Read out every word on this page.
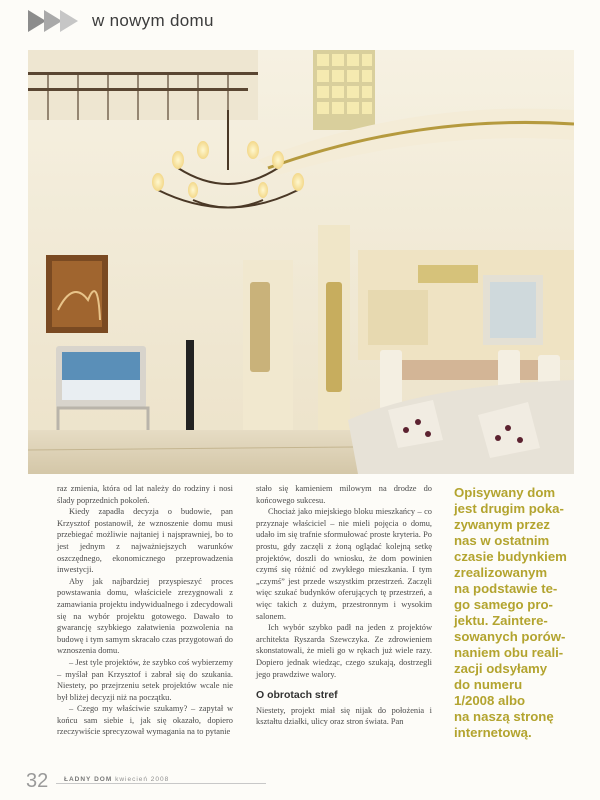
w nowym domu

raz zmienia, która od lat należy do rodziny i nosi ślady poprzednich pokoleń.

Kiedy zapadła decyzja o budowie, pan Krzysztof postanowił, że wznoszenie domu musi przebiegać możliwie najtaniej i najsprawniej, bo to jest jednym z najważniejszych warunków oszczędnego, ekonomicznego przeprowadzenia inwestycji.

Aby jak najbardziej przyspieszyć proces powstawania domu, właściciele zrezygnowali z zamawiania projektu indywidualnego i zdecydowali się na wybór projektu gotowego. Dawało to gwarancję szybkiego załatwienia pozwolenia na budowę i tym samym skracało czas przygotowań do wznoszenia domu.

– Jest tyle projektów, że szybko coś wybierzemy – myślał pan Krzysztof i zabrał się do szukania. Niestety, po przejrzeniu setek projektów wcale nie był bliżej decyzji niż na początku.

– Czego my właściwie szukamy? – zapytał w końcu sam siebie i, jak się okazało, dopiero rzeczywiście sprecyzował wymagania na to pytanie

stało się kamieniem milowym na drodze do końcowego sukcesu.

Chociaż jako miejskiego bloku mieszkańcy – co przyznaje właściciel – nie mieli pojęcia o domu, udało im się trafnie sformułować proste kryteria. Po prostu, gdy zaczęli z żoną oglądać kolejną setkę projektów, doszli do wniosku, że dom powinien czymś się różnić od zwykłego mieszkania. I tym „czymś” jest przede wszystkim przestrzeń. Zaczęli więc szukać budynków oferujących tę przestrzeń, a więc takich z dużym, przestronnym i wysokim salonem.

Ich wybór szybko padł na jeden z projektów architekta Ryszarda Szewczyka. Ze zdrowieniem skonstatowali, że mieli go w rękach już wiele razy. Dopiero jednak wiedząc, czego szukają, dostrzegli jego prawdziwe walory.

O obrotach stref

Niestety, projekt miał się nijak do położenia i kształtu działki, ulicy oraz stron świata. Pan

Opisywany dom
jest drugim poka-
zywanym przez
nas w ostatnim
czasie budynkiem
zrealizowanym
na podstawie te-
go samego pro-
jektu. Zaintere-
sowanych porów-
naniem obu reali-
zacji odsyłamy
do numeru
1/2008 albo
na naszą stronę
internetową.
32 ŁADNY DOM kwiecień 2008
